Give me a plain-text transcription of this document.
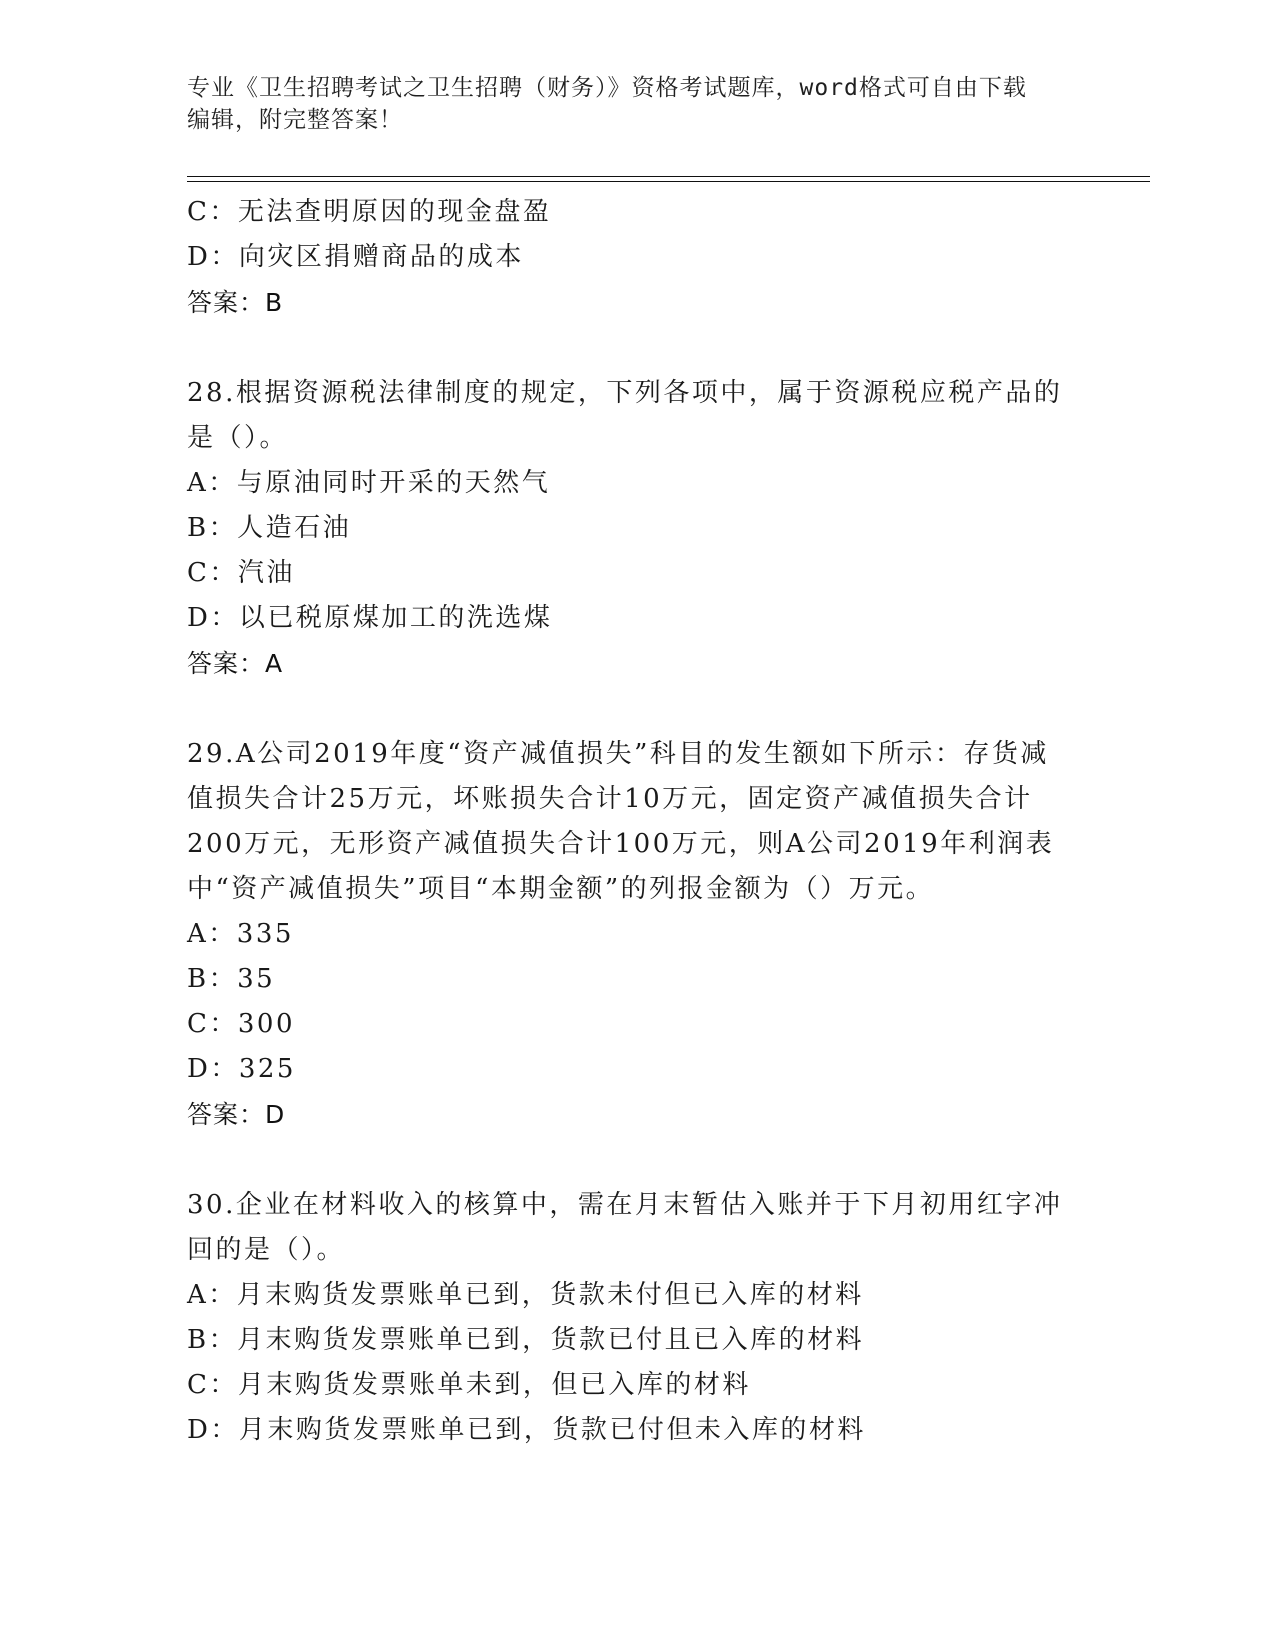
专业《卫生招聘考试之卫生招聘（财务）》资格考试题库，word格式可自由下载
编辑，附完整答案！
C：无法查明原因的现金盘盈
D：向灾区捐赠商品的成本
答案：B
28.根据资源税法律制度的规定，下列各项中，属于资源税应税产品的
是（）。
A：与原油同时开采的天然气
B：人造石油
C：汽油
D：以已税原煤加工的洗选煤
答案：A
29.A公司2019年度“资产减值损失”科目的发生额如下所示：存货减
值损失合计25万元，坏账损失合计10万元，固定资产减值损失合计
200万元，无形资产减值损失合计100万元，则A公司2019年利润表
中“资产减值损失”项目“本期金额”的列报金额为（）万元。
A：335
B：35
C：300
D：325
答案：D
30.企业在材料收入的核算中，需在月末暂估入账并于下月初用红字冲
回的是（）。
A：月末购货发票账单已到，货款未付但已入库的材料
B：月末购货发票账单已到，货款已付且已入库的材料
C：月末购货发票账单未到，但已入库的材料
D：月末购货发票账单已到，货款已付但未入库的材料
